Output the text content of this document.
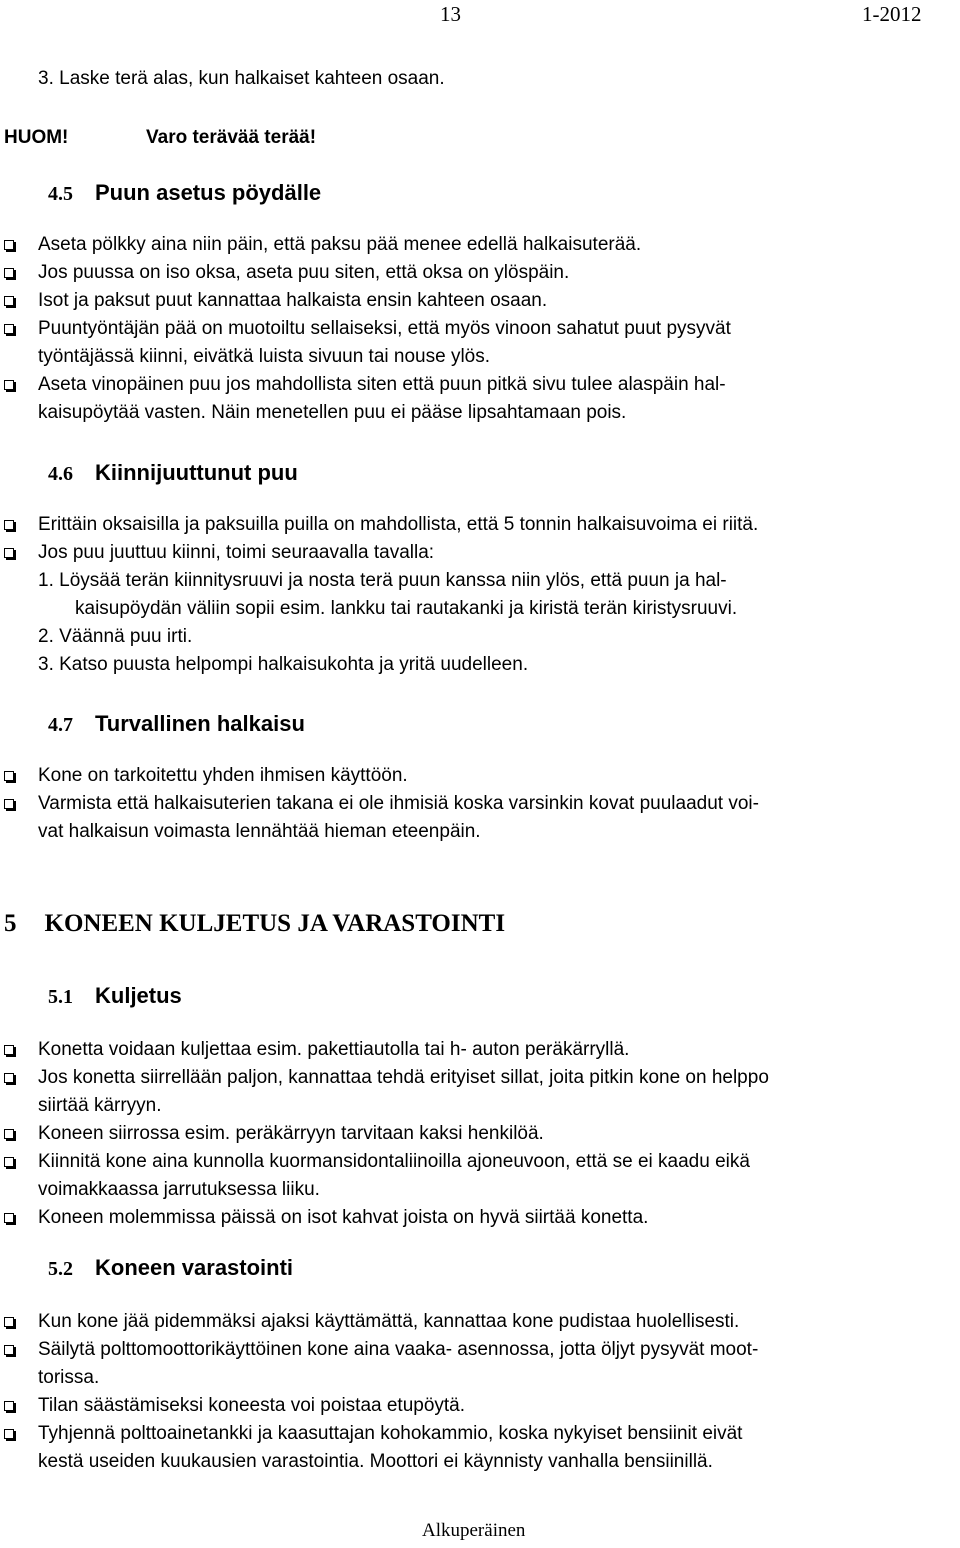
13	1-2012
3. Laske terä alas, kun halkaiset kahteen osaan.
HUOM!	Varo terävää terää!
4.5 Puun asetus pöydälle
Aseta pölkky aina niin päin, että paksu pää menee edellä halkaisuterää.
Jos puussa on iso oksa, aseta puu siten, että oksa on ylöspäin.
Isot ja paksut puut kannattaa halkaista ensin kahteen osaan.
Puuntyöntäjän pää on muotoiltu sellaiseksi, että myös vinoon sahatut puut pysyvät
työntäjässä kiinni, eivätkä luista sivuun tai nouse ylös.
Aseta vinopäinen puu jos mahdollista siten että puun pitkä sivu tulee alaspäin hal-
kaisupöytää vasten. Näin menetellen puu ei pääse lipsahtamaan pois.
4.6 Kiinnijuuttunut puu
Erittäin oksaisilla ja paksuilla puilla on mahdollista, että 5 tonnin halkaisuvoima ei riitä.
Jos puu juuttuu kiinni, toimi seuraavalla tavalla:
1. Löysää terän kiinnitysruuvi ja nosta terä puun kanssa niin ylös, että puun ja hal-
kaisupöydän väliin sopii esim. lankku tai rautakanki ja kiristä terän kiristysruuvi.
2. Väännä puu irti.
3. Katso puusta helpompi halkaisukohta ja yritä uudelleen.
4.7 Turvallinen halkaisu
Kone on tarkoitettu yhden ihmisen käyttöön.
Varmista että halkaisuterien takana ei ole ihmisiä koska varsinkin kovat puulaadut voi-
vat halkaisun voimasta lennähtää hieman eteenpäin.
5 KONEEN KULJETUS JA VARASTOINTI
5.1 Kuljetus
Konetta voidaan kuljettaa esim. pakettiautolla tai h- auton peräkärryllä.
Jos konetta siirrellään paljon, kannattaa tehdä erityiset sillat, joita pitkin kone on helppo
siirtää kärryyn.
Koneen siirrossa esim. peräkärryyn tarvitaan kaksi henkilöä.
Kiinnitä kone aina kunnolla kuormansidontaliinoilla ajoneuvoon, että se ei kaadu eikä
voimakkaassa jarrutuksessa liiku.
Koneen molemmissa päissä on isot kahvat joista on hyvä siirtää konetta.
5.2 Koneen varastointi
Kun kone jää pidemmäksi ajaksi käyttämättä, kannattaa kone pudistaa huolellisesti.
Säilytä polttomoottorikäyttöinen kone aina vaaka- asennossa, jotta öljyt pysyvät moot-
torissa.
Tilan säästämiseksi koneesta voi poistaa etupöytä.
Tyhjennä polttoainetankki ja kaasuttajan kohokammio, koska nykyiset bensiinit eivät
kestä useiden kuukausien varastointia. Moottori ei käynnisty vanhalla bensiinillä.
Alkuperäinen
